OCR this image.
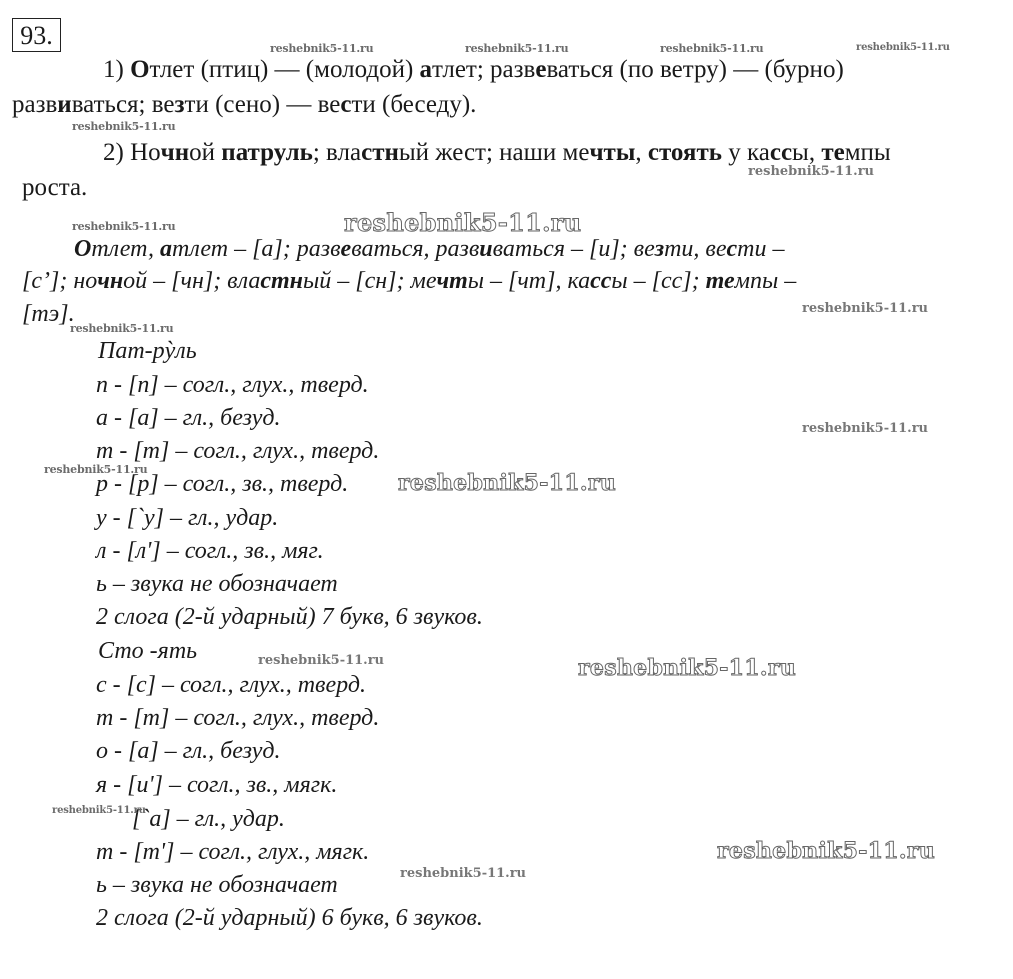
93.
1) Отлет (птиц) — (молодой) атлет; развеваться (по ветру) — (бурно)
развиваться; везти (сено) — вести (беседу).
2) Ночной патруль; властный жест; наши мечты, стоять у кассы, темпы
роста.
Отлет, атлет – [а]; развеваться, развиваться – [и]; везти, вести –
[с’]; ночной – [чн]; властный – [сн]; мечты – [чт], кассы – [сс]; темпы –
[тэ].
Пат-рỳль
п - [п] – согл., глух., тверд.
а - [а] – гл., безуд.
т - [т] – согл., глух., тверд.
р - [р] – согл., зв., тверд.
у - [`у] – гл., удар.
л - [л'] – согл., зв., мяг.
ь – звука не обозначает
2 слога (2-й ударный) 7 букв, 6 звуков.
Сто -ять
с - [с] – согл., глух., тверд.
т - [т] – согл., глух., тверд.
о - [а] – гл., безуд.
я - [и'] – согл., зв., мягк.
[`а] – гл., удар.
т - [т'] – согл., глух., мягк.
ь – звука не обозначает
2 слога (2-й ударный) 6 букв, 6 звуков.
reshebnik5-11.ru	reshebnik5-11.ru	reshebnik5-11.ru	reshebnik5-11.ru
reshebnik5-11.ru
reshebnik5-11.ru
reshebnik5-11.ru	reshebnik5-11.ru
reshebnik5-11.ru
reshebnik5-11.ru
reshebnik5-11.ru
reshebnik5-11.ru
reshebnik5-11.ru
reshebnik5-11.ru	reshebnik5-11.ru
reshebnik5-11.ru
reshebnik5-11.ru
reshebnik5-11.ru
